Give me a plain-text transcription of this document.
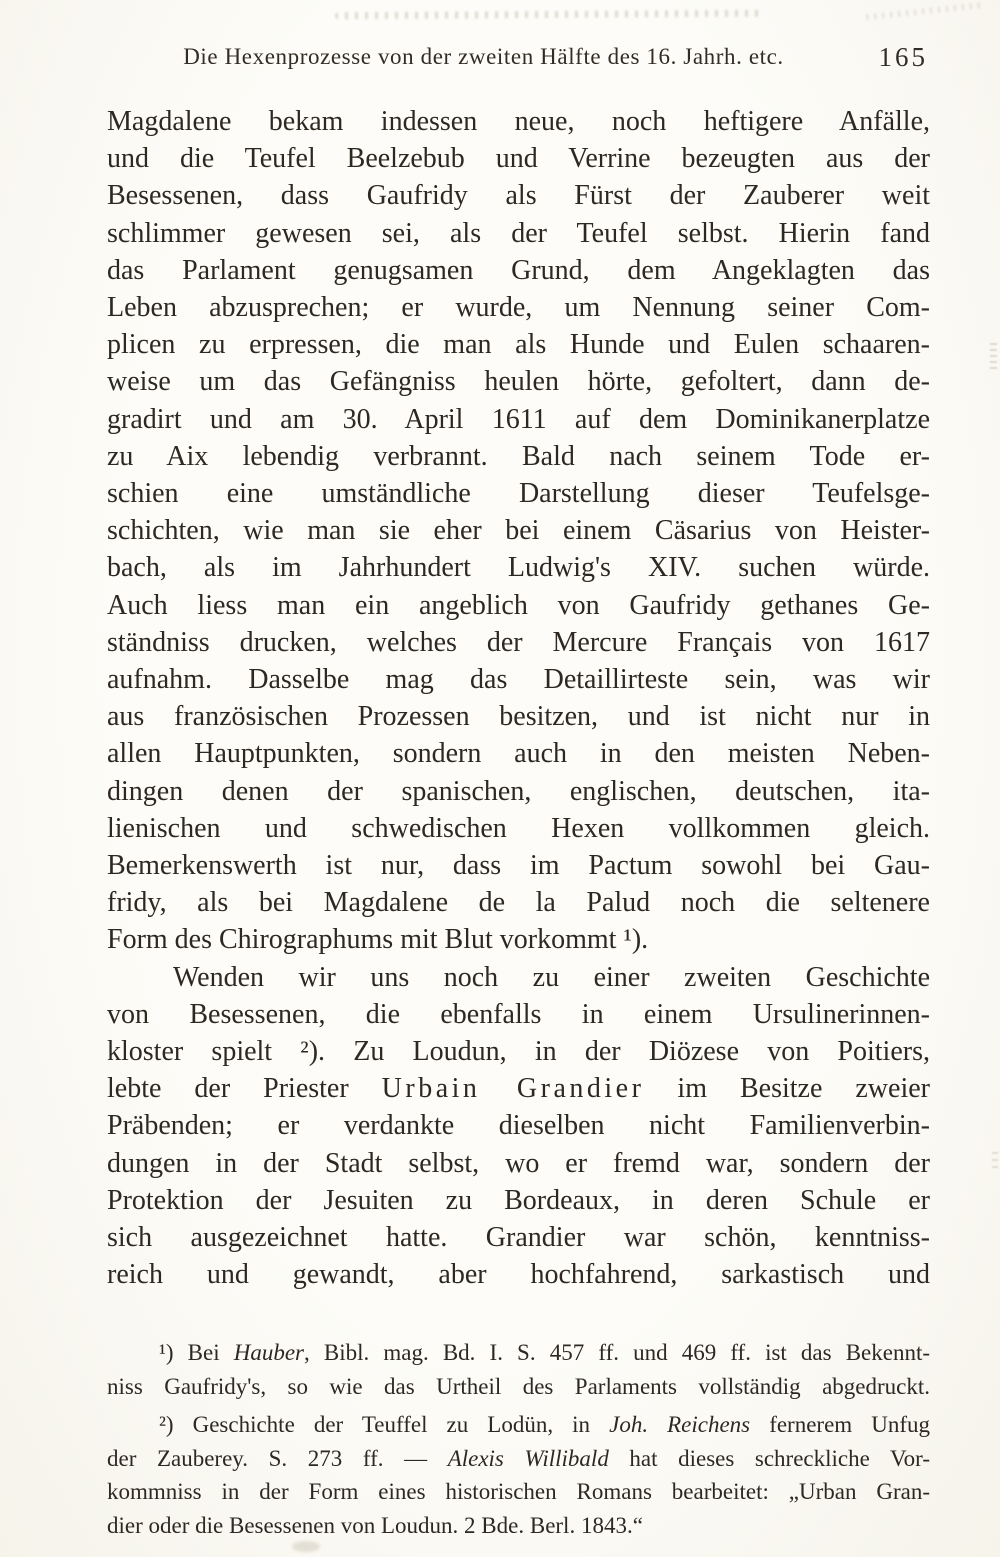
Die Hexenprozesse von der zweiten Hälfte des 16. Jahrh. etc.	165
Magdalene bekam indessen neue, noch heftigere Anfälle,
und die Teufel Beelzebub und Verrine bezeugten aus der
Besessenen, dass Gaufridy als Fürst der Zauberer weit
schlimmer gewesen sei, als der Teufel selbst. Hierin fand
das Parlament genugsamen Grund, dem Angeklagten das
Leben abzusprechen; er wurde, um Nennung seiner Com-
plicen zu erpressen, die man als Hunde und Eulen schaaren-
weise um das Gefängniss heulen hörte, gefoltert, dann de-
gradirt und am 30. April 1611 auf dem Dominikanerplatze
zu Aix lebendig verbrannt. Bald nach seinem Tode er-
schien eine umständliche Darstellung dieser Teufelsge-
schichten, wie man sie eher bei einem Cäsarius von Heister-
bach, als im Jahrhundert Ludwig's XIV. suchen würde.
Auch liess man ein angeblich von Gaufridy gethanes Ge-
ständniss drucken, welches der Mercure Français von 1617
aufnahm. Dasselbe mag das Detaillirteste sein, was wir
aus französischen Prozessen besitzen, und ist nicht nur in
allen Hauptpunkten, sondern auch in den meisten Neben-
dingen denen der spanischen, englischen, deutschen, ita-
lienischen und schwedischen Hexen vollkommen gleich.
Bemerkenswerth ist nur, dass im Pactum sowohl bei Gau-
fridy, als bei Magdalene de la Palud noch die seltenere
Form des Chirographums mit Blut vorkommt ¹).
Wenden wir uns noch zu einer zweiten Geschichte
von Besessenen, die ebenfalls in einem Ursulinerinnen-
kloster spielt ²). Zu Loudun, in der Diözese von Poitiers,
lebte der Priester Urbain Grandier im Besitze zweier
Präbenden; er verdankte dieselben nicht Familienverbin-
dungen in der Stadt selbst, wo er fremd war, sondern der
Protektion der Jesuiten zu Bordeaux, in deren Schule er
sich ausgezeichnet hatte. Grandier war schön, kenntniss-
reich und gewandt, aber hochfahrend, sarkastisch und
¹) Bei Hauber, Bibl. mag. Bd. I. S. 457 ff. und 469 ff. ist das Bekennt-
niss Gaufridy's, so wie das Urtheil des Parlaments vollständig abgedruckt.
²) Geschichte der Teuffel zu Lodün, in Joh. Reichens fernerem Unfug
der Zauberey. S. 273 ff. — Alexis Willibald hat dieses schreckliche Vor-
kommniss in der Form eines historischen Romans bearbeitet: „Urban Gran-
dier oder die Besessenen von Loudun. 2 Bde. Berl. 1843.“
